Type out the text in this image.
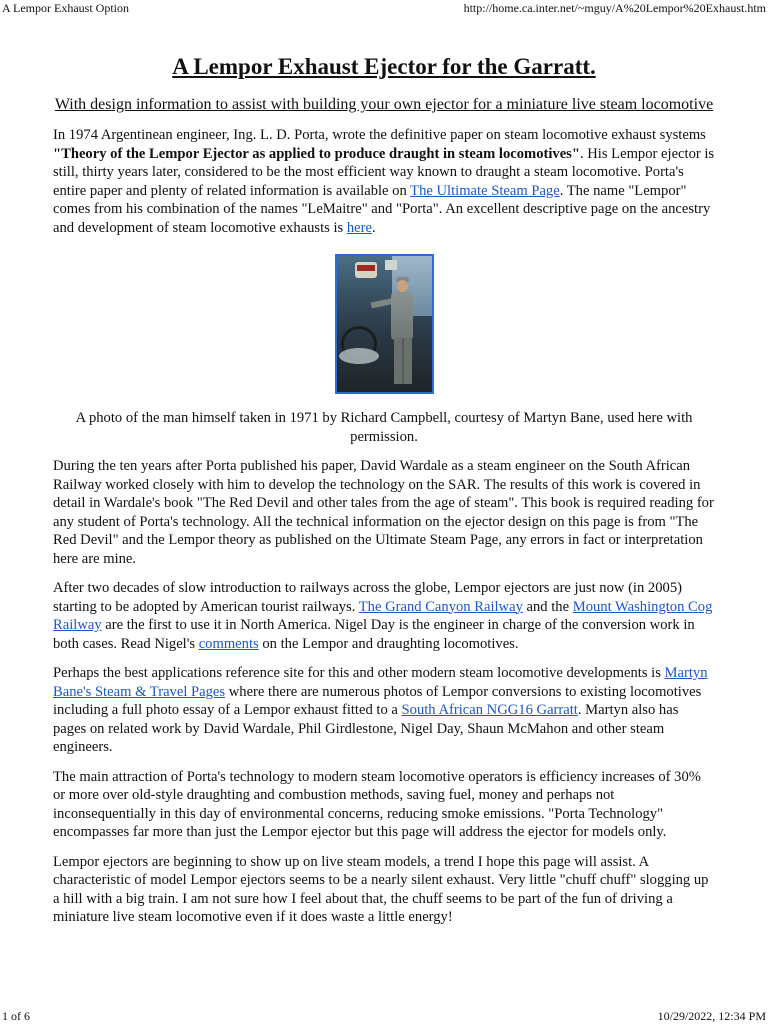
A Lempor Exhaust Option	http://home.ca.inter.net/~mguy/A%20Lempor%20Exhaust.htm
A Lempor Exhaust Ejector for the Garratt.
With design information to assist with building your own ejector for a miniature live steam locomotive

In 1974 Argentinean engineer, Ing. L. D. Porta, wrote the definitive paper on steam locomotive exhaust systems "Theory of the Lempor Ejector as applied to produce draught in steam locomotives". His Lempor ejector is still, thirty years later, considered to be the most efficient way known to draught a steam locomotive. Porta's entire paper and plenty of related information is available on The Ultimate Steam Page. The name "Lempor" comes from his combination of the names "LeMaitre" and "Porta". An excellent descriptive page on the ancestry and development of steam locomotive exhausts is here.

A photo of the man himself taken in 1971 by Richard Campbell, courtesy of Martyn Bane, used here with permission.

During the ten years after Porta published his paper, David Wardale as a steam engineer on the South African Railway worked closely with him to develop the technology on the SAR. The results of this work is covered in detail in Wardale's book "The Red Devil and other tales from the age of steam". This book is required reading for any student of Porta's technology. All the technical information on the ejector design on this page is from "The Red Devil" and the Lempor theory as published on the Ultimate Steam Page, any errors in fact or interpretation here are mine.

After two decades of slow introduction to railways across the globe, Lempor ejectors are just now (in 2005) starting to be adopted by American tourist railways. The Grand Canyon Railway and the Mount Washington Cog Railway are the first to use it in North America. Nigel Day is the engineer in charge of the conversion work in both cases. Read Nigel's comments on the Lempor and draughting locomotives.

Perhaps the best applications reference site for this and other modern steam locomotive developments is Martyn Bane's Steam & Travel Pages where there are numerous photos of Lempor conversions to existing locomotives including a full photo essay of a Lempor exhaust fitted to a South African NGG16 Garratt. Martyn also has pages on related work by David Wardale, Phil Girdlestone, Nigel Day, Shaun McMahon and other steam engineers.

The main attraction of Porta's technology to modern steam locomotive operators is efficiency increases of 30% or more over old-style draughting and combustion methods, saving fuel, money and perhaps not inconsequentially in this day of environmental concerns, reducing smoke emissions. "Porta Technology" encompasses far more than just the Lempor ejector but this page will address the ejector for models only.

Lempor ejectors are beginning to show up on live steam models, a trend I hope this page will assist. A characteristic of model Lempor ejectors seems to be a nearly silent exhaust. Very little "chuff chuff" slogging up a hill with a big train. I am not sure how I feel about that, the chuff seems to be part of the fun of driving a miniature live steam locomotive even if it does waste a little energy!

1 of 6	10/29/2022, 12:34 PM
